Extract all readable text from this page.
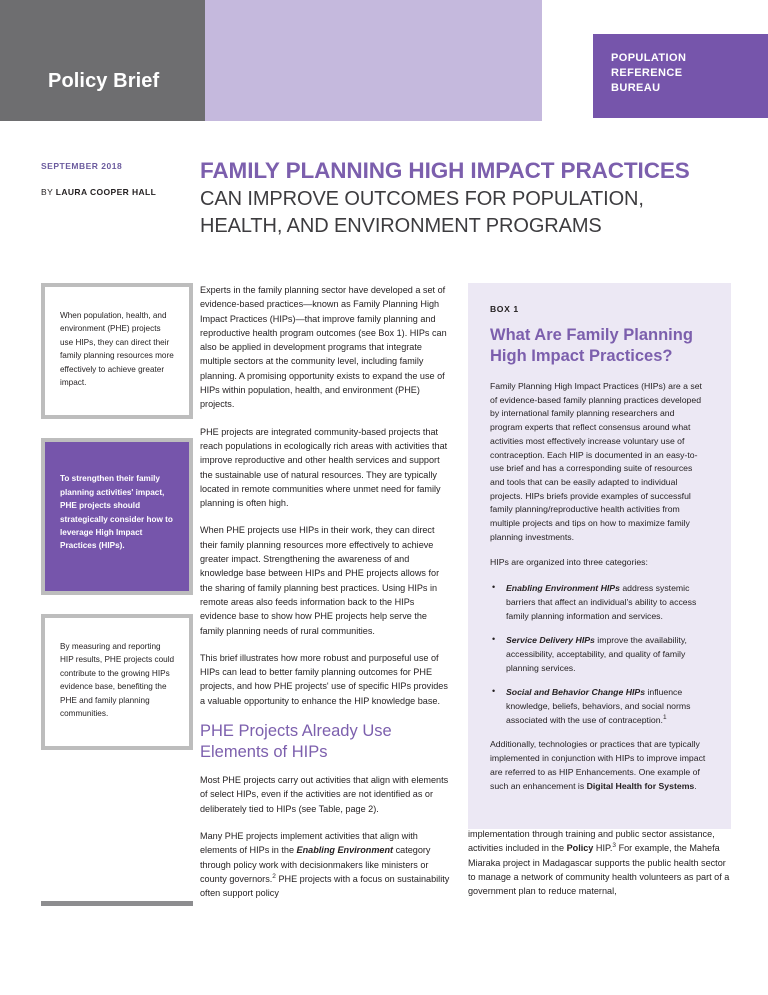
Policy Brief
POPULATION
REFERENCE
BUREAU
SEPTEMBER 2018
BY LAURA COOPER HALL
FAMILY PLANNING HIGH IMPACT PRACTICES
CAN IMPROVE OUTCOMES FOR POPULATION,
HEALTH, AND ENVIRONMENT PROGRAMS
When population, health, and environment (PHE) projects use HIPs, they can direct their family planning resources more effectively to achieve greater impact.
To strengthen their family planning activities' impact, PHE projects should strategically consider how to leverage High Impact Practices (HIPs).
By measuring and reporting HIP results, PHE projects could contribute to the growing HIPs evidence base, benefiting the PHE and family planning communities.

Experts in the family planning sector have developed a set of evidence-based practices—known as Family Planning High Impact Practices (HIPs)—that improve family planning and reproductive health program outcomes (see Box 1). HIPs can also be applied in development programs that integrate multiple sectors at the community level, including family planning. A promising opportunity exists to expand the use of HIPs within population, health, and environment (PHE) projects.

PHE projects are integrated community-based projects that reach populations in ecologically rich areas with activities that improve reproductive and other health services and support the sustainable use of natural resources. They are typically located in remote communities where unmet need for family planning is often high.

When PHE projects use HIPs in their work, they can direct their family planning resources more effectively to achieve greater impact. Strengthening the awareness of and knowledge base between HIPs and PHE projects allows for the sharing of family planning best practices. Using HIPs in remote areas also feeds information back to the HIPs evidence base to show how PHE projects help serve the family planning needs of rural communities.

This brief illustrates how more robust and purposeful use of HIPs can lead to better family planning outcomes for PHE projects, and how PHE projects' use of specific HIPs provides a valuable opportunity to enhance the HIP knowledge base.

PHE Projects Already Use Elements of HIPs

Most PHE projects carry out activities that align with elements of select HIPs, even if the activities are not identified as or deliberately tied to HIPs (see Table, page 2).

Many PHE projects implement activities that align with elements of HIPs in the Enabling Environment category through policy work with decisionmakers like ministers or county governors.$^2$ PHE projects with a focus on sustainability often support policy

BOX 1
What Are Family Planning
High Impact Practices?

Family Planning High Impact Practices (HIPs) are a set of evidence-based family planning practices developed by international family planning researchers and program experts that reflect consensus around what activities most effectively increase voluntary use of contraception. Each HIP is documented in an easy-to-use brief and has a corresponding suite of resources and tools that can be easily adapted to individual projects. HIPs briefs provide examples of successful family planning/reproductive health activities from multiple projects and tips on how to maximize family planning investments.

HIPs are organized into three categories:

• Enabling Environment HIPs address systemic barriers that affect an individual's ability to access family planning information and services.
• Service Delivery HIPs improve the availability, accessibility, acceptability, and quality of family planning services.
• Social and Behavior Change HIPs influence knowledge, beliefs, behaviors, and social norms associated with the use of contraception.$^1$

Additionally, technologies or practices that are typically implemented in conjunction with HIPs to improve impact are referred to as HIP Enhancements. One example of such an enhancement is Digital Health for Systems.

implementation through training and public sector assistance, activities included in the Policy HIP.$^3$ For example, the Mahefa Miaraka project in Madagascar supports the public health sector to manage a network of community health volunteers as part of a government plan to reduce maternal,
